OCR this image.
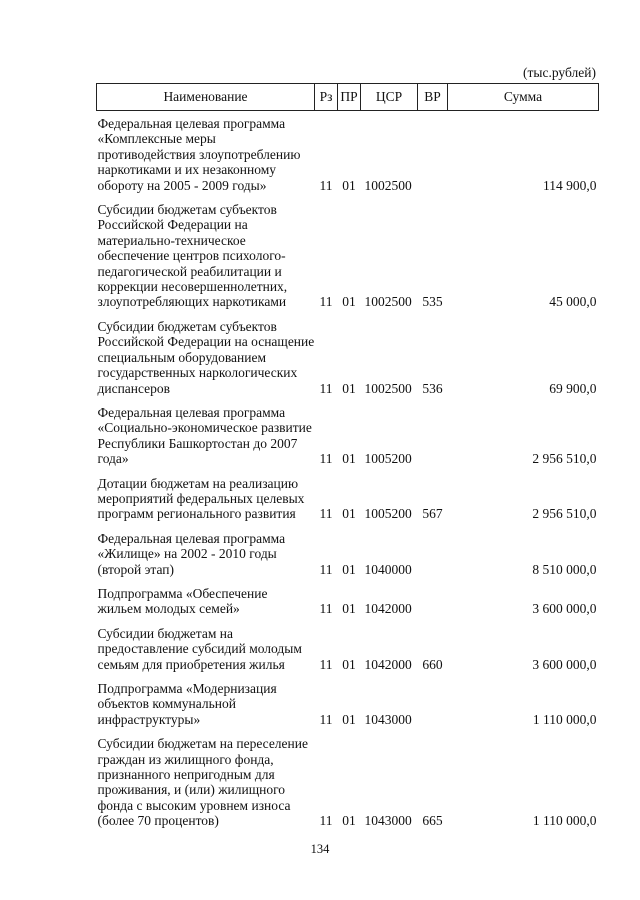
(тыс.рублей)
Наименование	Рз	ПР	ЦСР	ВР	Сумма
Федеральная целевая программа «Комплексные меры противодействия злоупотреблению наркотиками и их незаконному обороту на 2005 - 2009 годы»	11	01	1002500		114 900,0
Субсидии бюджетам субъектов Российской Федерации на материально-техническое обеспечение центров психолого-педагогической реабилитации и коррекции несовершеннолетних, злоупотребляющих наркотиками	11	01	1002500	535	45 000,0
Субсидии бюджетам субъектов Российской Федерации на оснащение специальным оборудованием государственных наркологических диспансеров	11	01	1002500	536	69 900,0
Федеральная целевая программа «Социально-экономическое развитие Республики Башкортостан до 2007 года»	11	01	1005200		2 956 510,0
Дотации бюджетам на реализацию мероприятий федеральных целевых программ регионального развития	11	01	1005200	567	2 956 510,0
Федеральная целевая программа «Жилище» на 2002 - 2010 годы (второй этап)	11	01	1040000		8 510 000,0
Подпрограмма «Обеспечение жильем молодых семей»	11	01	1042000		3 600 000,0
Субсидии бюджетам на предоставление субсидий молодым семьям для приобретения жилья	11	01	1042000	660	3 600 000,0
Подпрограмма «Модернизация объектов коммунальной инфраструктуры»	11	01	1043000		1 110 000,0
Субсидии бюджетам на переселение граждан из жилищного фонда, признанного непригодным для проживания, и (или) жилищного фонда с высоким уровнем износа (более 70 процентов)	11	01	1043000	665	1 110 000,0
134
